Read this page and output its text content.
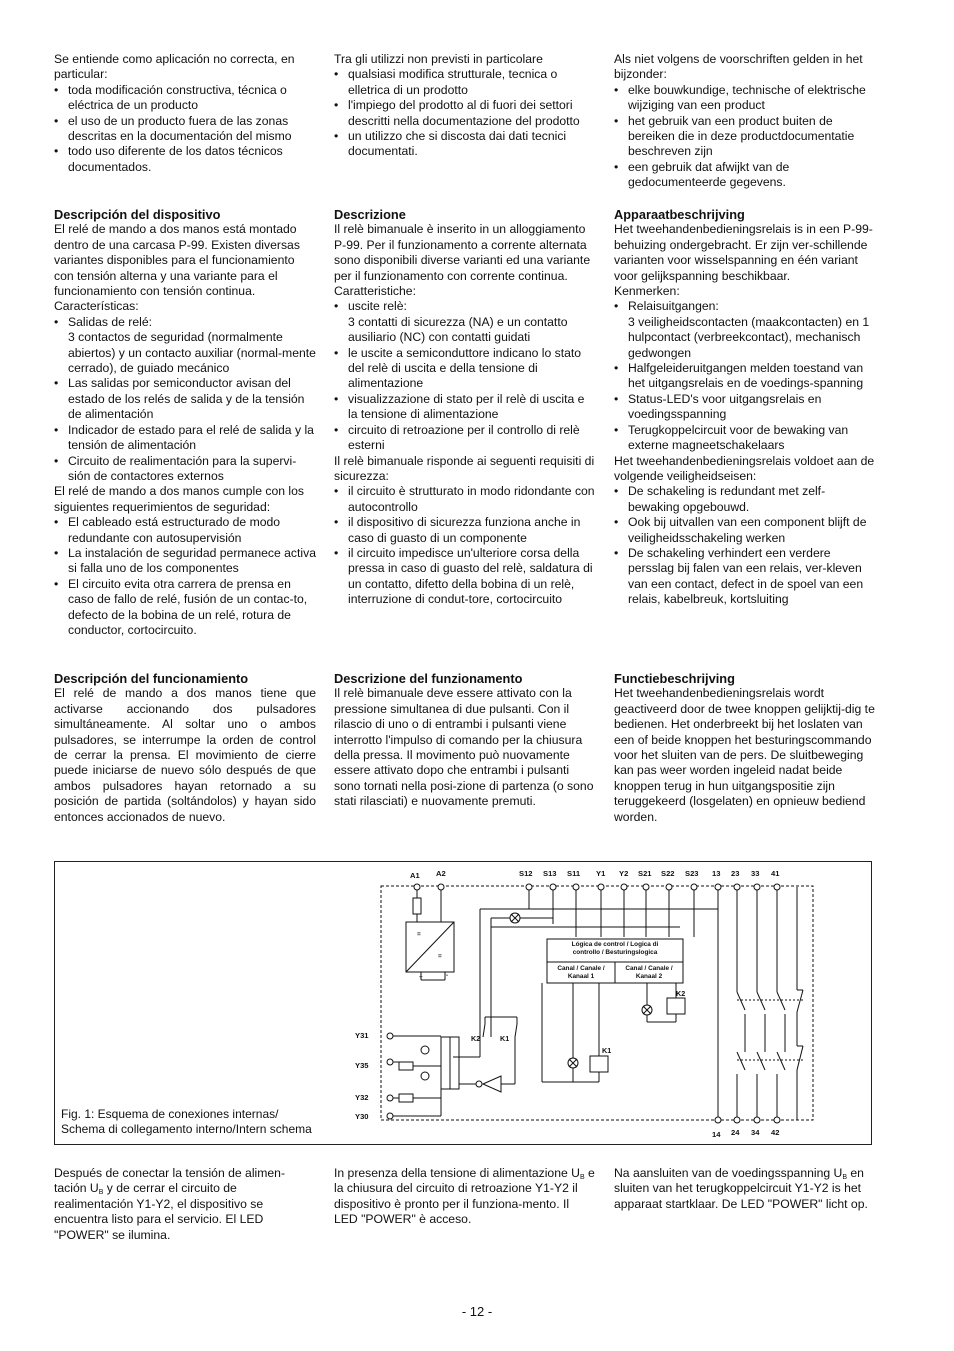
Se entiende como aplicación no correcta, en particular:

• toda modificación constructiva, técnica o eléctrica de un producto
• el uso de un producto fuera de las zonas descritas en la documentación del mismo
• todo uso diferente de los datos técnicos documentados.

Descripción del dispositivo

El relé de mando a dos manos está montado dentro de una carcasa P-99. Existen diversas variantes disponibles para el funcionamiento con tensión alterna y una variante para el funcionamiento con tensión continua.

Características:

• Salidas de relé:
3 contactos de seguridad (normalmente abiertos) y un contacto auxiliar (normal-mente cerrado), de guiado mecánico
• Las salidas por semiconductor avisan del estado de los relés de salida y de la tensión de alimentación
• Indicador de estado para el relé de salida y la tensión de alimentación
• Circuito de realimentación para la supervi-sión de contactores externos

El relé de mando a dos manos cumple con los siguientes requerimientos de seguridad:

• El cableado está estructurado de modo redundante con autosupervisión
• La instalación de seguridad permanece activa si falla uno de los componentes
• El circuito evita otra carrera de prensa en caso de fallo de relé, fusión de un contac-to, defecto de la bobina de un relé, rotura de conductor, cortocircuito.

Descripción del funcionamiento

El relé de mando a dos manos tiene que activarse accionando dos pulsadores simultáneamente. Al soltar uno o ambos pulsadores, se interrumpe la orden de control de cerrar la prensa. El movimiento de cierre puede iniciarse de nuevo sólo después de que ambos pulsadores hayan retornado a su posición de partida (soltándolos) y hayan sido entonces accionados de nuevo.

Después de conectar la tensión de alimen-tación $U_B$ y de cerrar el circuito de realimentación Y1-Y2, el dispositivo se encuentra listo para el servicio. El LED "POWER" se ilumina.

Tra gli utilizzi non previsti in particolare

• qualsiasi modifica strutturale, tecnica o elletrica di un prodotto
• l'impiego del prodotto al di fuori dei settori descritti nella documentazione del prodotto
• un utilizzo che si discosta dai dati tecnici documentati.

Descrizione

Il relè bimanuale è inserito in un alloggiamento P-99. Per il funzionamento a corrente alternata sono disponibili diverse varianti ed una variante per il funzionamento con corrente continua.

Caratteristiche:

• uscite relè:
3 contatti di sicurezza (NA) e un contatto ausiliario (NC) con contatti guidati
• le uscite a semiconduttore indicano lo stato del relè di uscita e della tensione di alimentazione
• visualizzazione di stato per il relè di uscita e la tensione di alimentazione
• circuito di retroazione per il controllo di relè esterni

Il relè bimanuale risponde ai seguenti requisiti di sicurezza:

• il circuito è strutturato in modo ridondante con autocontrollo
• il dispositivo di sicurezza funziona anche in caso di guasto di un componente
• il circuito impedisce un'ulteriore corsa della pressa in caso di guasto del relè, saldatura di un contatto, difetto della bobina di un relè, interruzione di condut-tore, cortocircuito

Descrizione del funzionamento

Il relè bimanuale deve essere attivato con la pressione simultanea di due pulsanti. Con il rilascio di uno o di entrambi i pulsanti viene interrotto l'impulso di comando per la chiusura della pressa. Il movimento può nuovamente essere attivato dopo che entrambi i pulsanti sono tornati nella posi-zione di partenza (o sono stati rilasciati) e nuovamente premuti.

In presenza della tensione di alimentazione $U_B$ e la chiusura del circuito di retroazione Y1-Y2 il dispositivo è pronto per il funziona-mento. Il LED "POWER" è acceso.

Als niet volgens de voorschriften gelden in het bijzonder:

• elke bouwkundige, technische of elektrische wijziging van een product
• het gebruik van een product buiten de bereiken die in deze productdocumentatie beschreven zijn
• een gebruik dat afwijkt van de gedocumenteerde gegevens.

Apparaatbeschrijving

Het tweehandenbedieningsrelais is in een P-99-behuizing ondergebracht. Er zijn ver-schillende varianten voor wisselspanning en één variant voor gelijkspanning beschikbaar.

Kenmerken:

• Relaisuitgangen:
3 veiligheidscontacten (maakcontacten) en 1 hulpcontact (verbreekcontact), mechanisch gedwongen
• Halfgeleideruitgangen melden toestand van het uitgangsrelais en de voedings-spanning
• Status-LED's voor uitgangsrelais en voedingsspanning
• Terugkoppelcircuit voor de bewaking van externe magneetschakelaars

Het tweehandenbedieningsrelais voldoet aan de volgende veiligheidseisen:

• De schakeling is redundant met zelf-bewaking opgebouwd.
• Ook bij uitvallen van een component blijft de veiligheidsschakeling werken
• De schakeling verhindert een verdere persslag bij falen van een relais, ver-kleven van een contact, defect in de spoel van een relais, kabelbreuk, kortsluiting

Functiebeschrijving

Het tweehandenbedieningsrelais wordt geactiveerd door de twee knoppen gelijktij-dig te bedienen. Het onderbreekt bij het loslaten van een of beide knoppen het besturingscommando voor het sluiten van de pers. De sluitbeweging kan pas weer worden ingeleid nadat beide knoppen terug in hun uitgangspositie zijn teruggekeerd (losgelaten) en opnieuw bediend worden.

Na aansluiten van de voedingsspanning $U_B$ en sluiten van het terugkoppelcircuit Y1-Y2 is het apparaat startklaar. De LED "POWER" licht op.

A1 A2	S12 S13 S11 Y1 Y2 S21 S22 S23 13 23 33 41
14 24 34 42
Y31
Y35
Y32
Y30
=
=
+	-
Lógica de control / Logica di
controllo / Besturingslogica
Canal / Canale /
Kanaal 1
Canal / Canale /
Kanaal 2
K2
K1
K2	K1
Fig. 1: Esquema de conexiones internas/
Schema di collegamento interno/Intern schema
- 12 -
